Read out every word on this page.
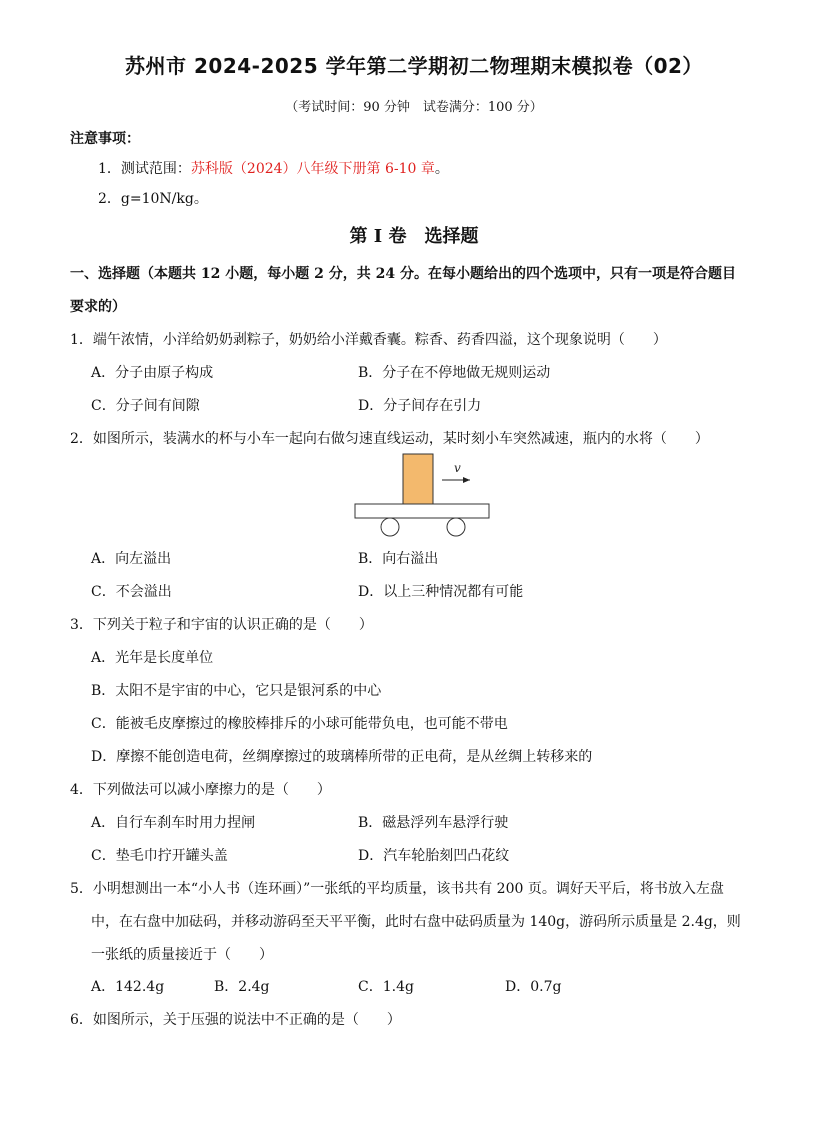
苏州市 2024-2025 学年第二学期初二物理期末模拟卷（02）
（考试时间：90 分钟　试卷满分：100 分）
注意事项：
1．测试范围：苏科版（2024）八年级下册第 6-10 章。
2．g=10N/kg。
第 I 卷　选择题
一、选择题（本题共 12 小题，每小题 2 分，共 24 分。在每小题给出的四个选项中，只有一项是符合题目
要求的）
1．端午浓情，小洋给奶奶剥粽子，奶奶给小洋戴香囊。粽香、药香四溢，这个现象说明（　　）
A．分子由原子构成	B．分子在不停地做无规则运动
C．分子间有间隙	D．分子间存在引力
2．如图所示，装满水的杯与小车一起向右做匀速直线运动，某时刻小车突然减速，瓶内的水将（　　）
v
A．向左溢出	B．向右溢出
C．不会溢出	D．以上三种情况都有可能
3．下列关于粒子和宇宙的认识正确的是（　　）
A．光年是长度单位
B．太阳不是宇宙的中心，它只是银河系的中心
C．能被毛皮摩擦过的橡胶棒排斥的小球可能带负电，也可能不带电
D．摩擦不能创造电荷，丝绸摩擦过的玻璃棒所带的正电荷，是从丝绸上转移来的
4．下列做法可以减小摩擦力的是（　　）
A．自行车刹车时用力捏闸	B．磁悬浮列车悬浮行驶
C．垫毛巾拧开罐头盖	D．汽车轮胎刻凹凸花纹
5．小明想测出一本“小人书（连环画）”一张纸的平均质量，该书共有 200 页。调好天平后，将书放入左盘
中，在右盘中加砝码，并移动游码至天平平衡，此时右盘中砝码质量为 140g，游码所示质量是 2.4g，则
一张纸的质量接近于（　　）
A．142.4g	B．2.4g	C．1.4g	D．0.7g
6．如图所示，关于压强的说法中不正确的是（　　）
